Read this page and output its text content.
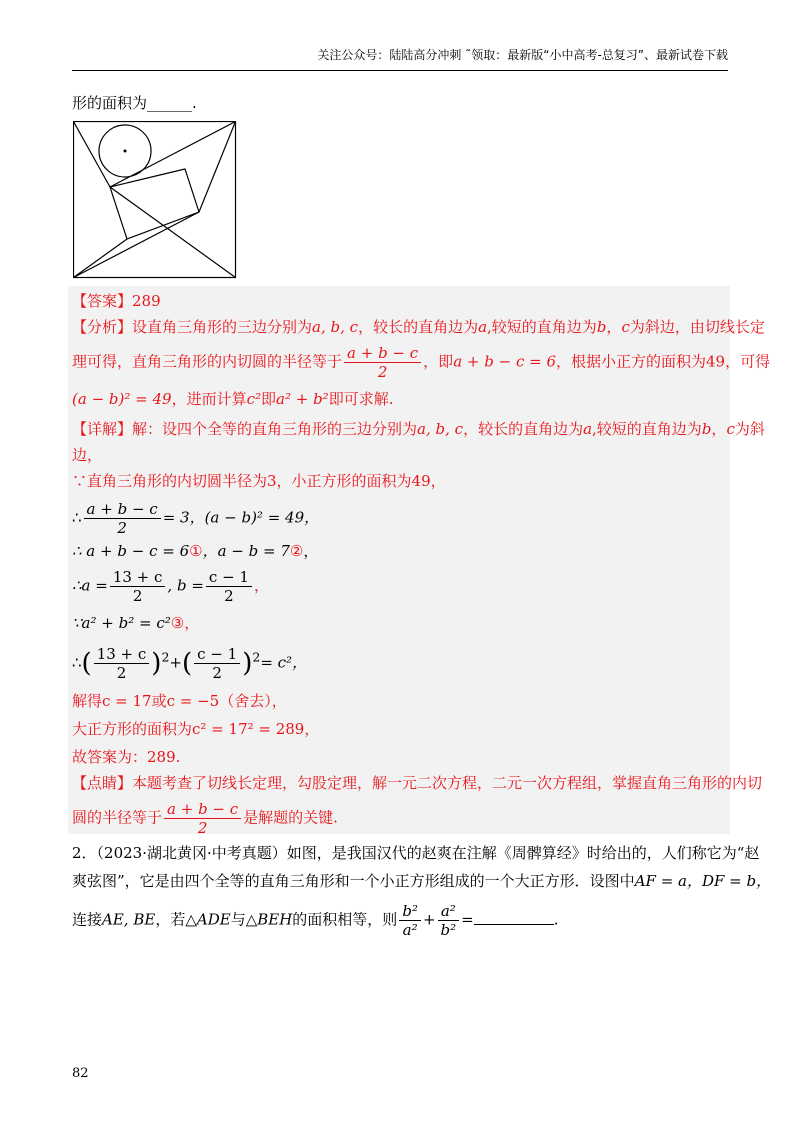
关注公众号：陆陆高分冲刺 ˜领取：最新版“小中高考-总复习”、最新试卷下载
形的面积为______.
【答案】289
【分析】设直角三角形的三边分别为a, b, c，较长的直角边为a,较短的直角边为b，c为斜边，由切线长定
理可得，直角三角形的内切圆的半径等于 $\frac{a + b - c}{2}$ ，即a + b − c = 6，根据小正方的面积为49，可得
(a − b)² = 49，进而计算c²即a² + b²即可求解.
【详解】解：设四个全等的直角三角形的三边分别为a, b, c，较长的直角边为a,较短的直角边为b，c为斜
边，
∵直角三角形的内切圆半径为3，小正方形的面积为49，
∴ $\frac{a + b - c}{2} = 3$，(a − b)² = 49，
∴ a + b − c = 6①，a − b = 7②，
∴a = $\frac{13 + c}{2}$ , $b = \frac{c - 1}{2}$ ，
∵a² + b² = c²③，
∴( $\frac{13 + c}{2} )^2+( \frac{c - 1}{2} )^2= c^2$，
解得c = 17或c = −5（舍去），
大正方形的面积为c² = 17² = 289，
故答案为：289.
【点睛】本题考查了切线长定理，勾股定理，解一元二次方程，二元一次方程组，掌握直角三角形的内切
圆的半径等于 $\frac{a + b - c}{2}$ 是解题的关键.
2．（2023·湖北黄冈·中考真题）如图，是我国汉代的赵爽在注解《周髀算经》时给出的，人们称它为“赵
爽弦图”，它是由四个全等的直角三角形和一个小正方形组成的一个大正方形．设图中AF = a，DF = b，
连接AE, BE，若△ADE与△BEH的面积相等，则 $\frac{\text{b²}}{\text{a²}} + \frac{\text{a²}}{\text{b²}}$ =	.
82
